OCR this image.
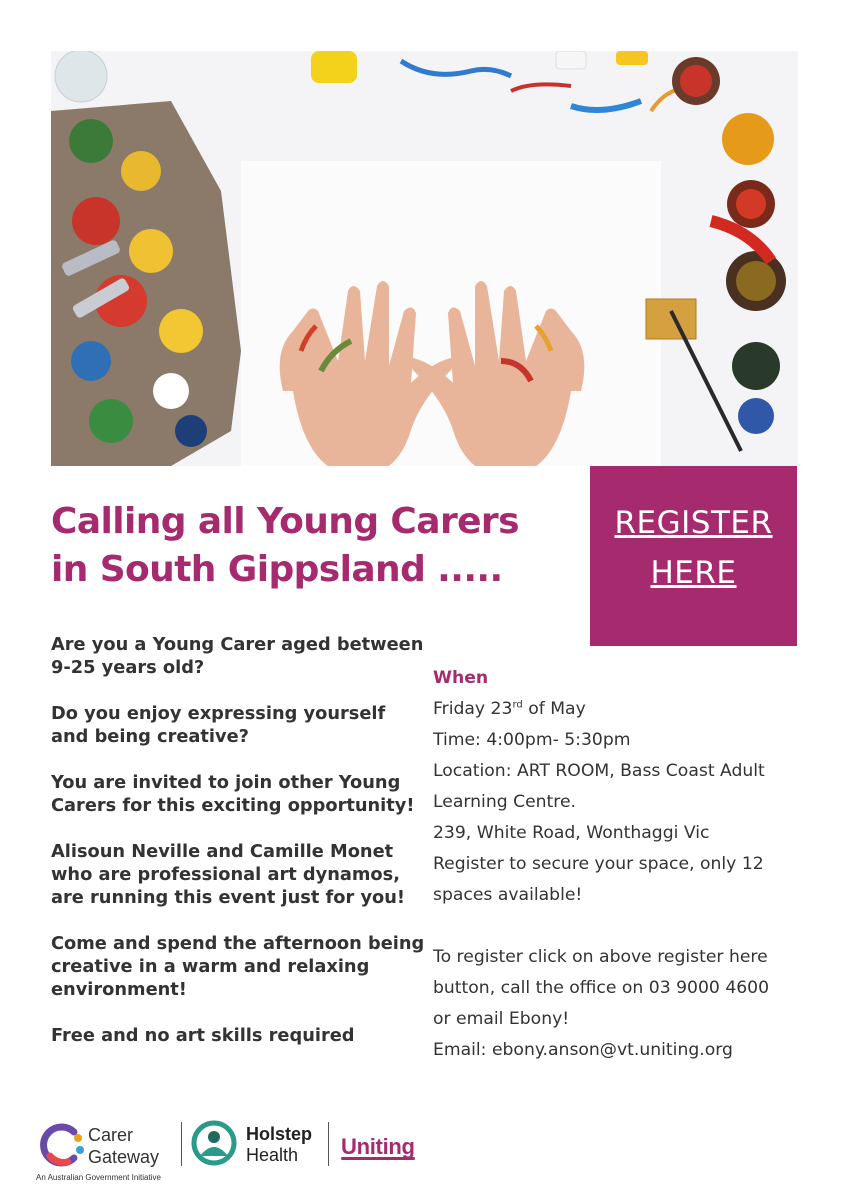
REGISTER
HERE
Calling all Young Carers
in South Gippsland .....

Are you a Young Carer aged between 9-25 years old?

Do you enjoy expressing yourself and being creative?

You are invited to join other Young Carers for this exciting opportunity!

Alisoun Neville and Camille Monet who are professional art dynamos, are running this event just for you!

Come and spend the afternoon being creative in a warm and relaxing environment!

Free and no art skills required

When
Friday 23rd of May
Time: 4:00pm- 5:30pm
Location: ART ROOM, Bass Coast Adult
Learning Centre.
239, White Road, Wonthaggi Vic
Register to secure your space, only 12
spaces available!
To register click on above register here
button, call the office on 03 9000 4600
or email Ebony!
Email: ebony.anson@vt.uniting.org
Carer
Gateway
An Australian Government Initiative
Holstep
Health	Uniting
